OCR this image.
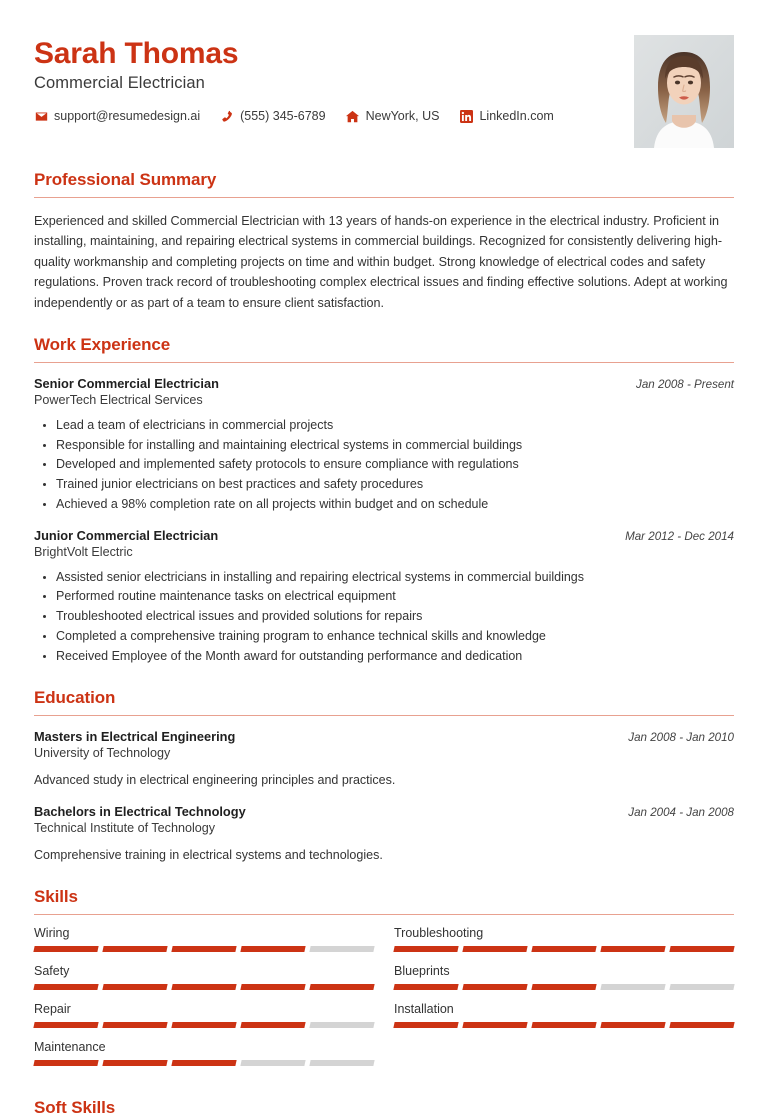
Sarah Thomas
Commercial Electrician
support@resumedesign.ai	(555) 345-6789	NewYork, US	LinkedIn.com
Professional Summary

Experienced and skilled Commercial Electrician with 13 years of hands-on experience in the electrical industry. Proficient in installing, maintaining, and repairing electrical systems in commercial buildings. Recognized for consistently delivering high-quality workmanship and completing projects on time and within budget. Strong knowledge of electrical codes and safety regulations. Proven track record of troubleshooting complex electrical issues and finding effective solutions. Adept at working independently or as part of a team to ensure client satisfaction.

Work Experience
Senior Commercial Electrician	Jan 2008 - Present
PowerTech Electrical Services
Lead a team of electricians in commercial projects
Responsible for installing and maintaining electrical systems in commercial buildings
Developed and implemented safety protocols to ensure compliance with regulations
Trained junior electricians on best practices and safety procedures
Achieved a 98% completion rate on all projects within budget and on schedule
Junior Commercial Electrician	Mar 2012 - Dec 2014
BrightVolt Electric
Assisted senior electricians in installing and repairing electrical systems in commercial buildings
Performed routine maintenance tasks on electrical equipment
Troubleshooted electrical issues and provided solutions for repairs
Completed a comprehensive training program to enhance technical skills and knowledge
Received Employee of the Month award for outstanding performance and dedication
Education
Masters in Electrical Engineering	Jan 2008 - Jan 2010
University of Technology
Advanced study in electrical engineering principles and practices.
Bachelors in Electrical Technology	Jan 2004 - Jan 2008
Technical Institute of Technology
Comprehensive training in electrical systems and technologies.
Skills
Wiring	Troubleshooting
Safety	Blueprints
Repair	Installation
Maintenance
Soft Skills
